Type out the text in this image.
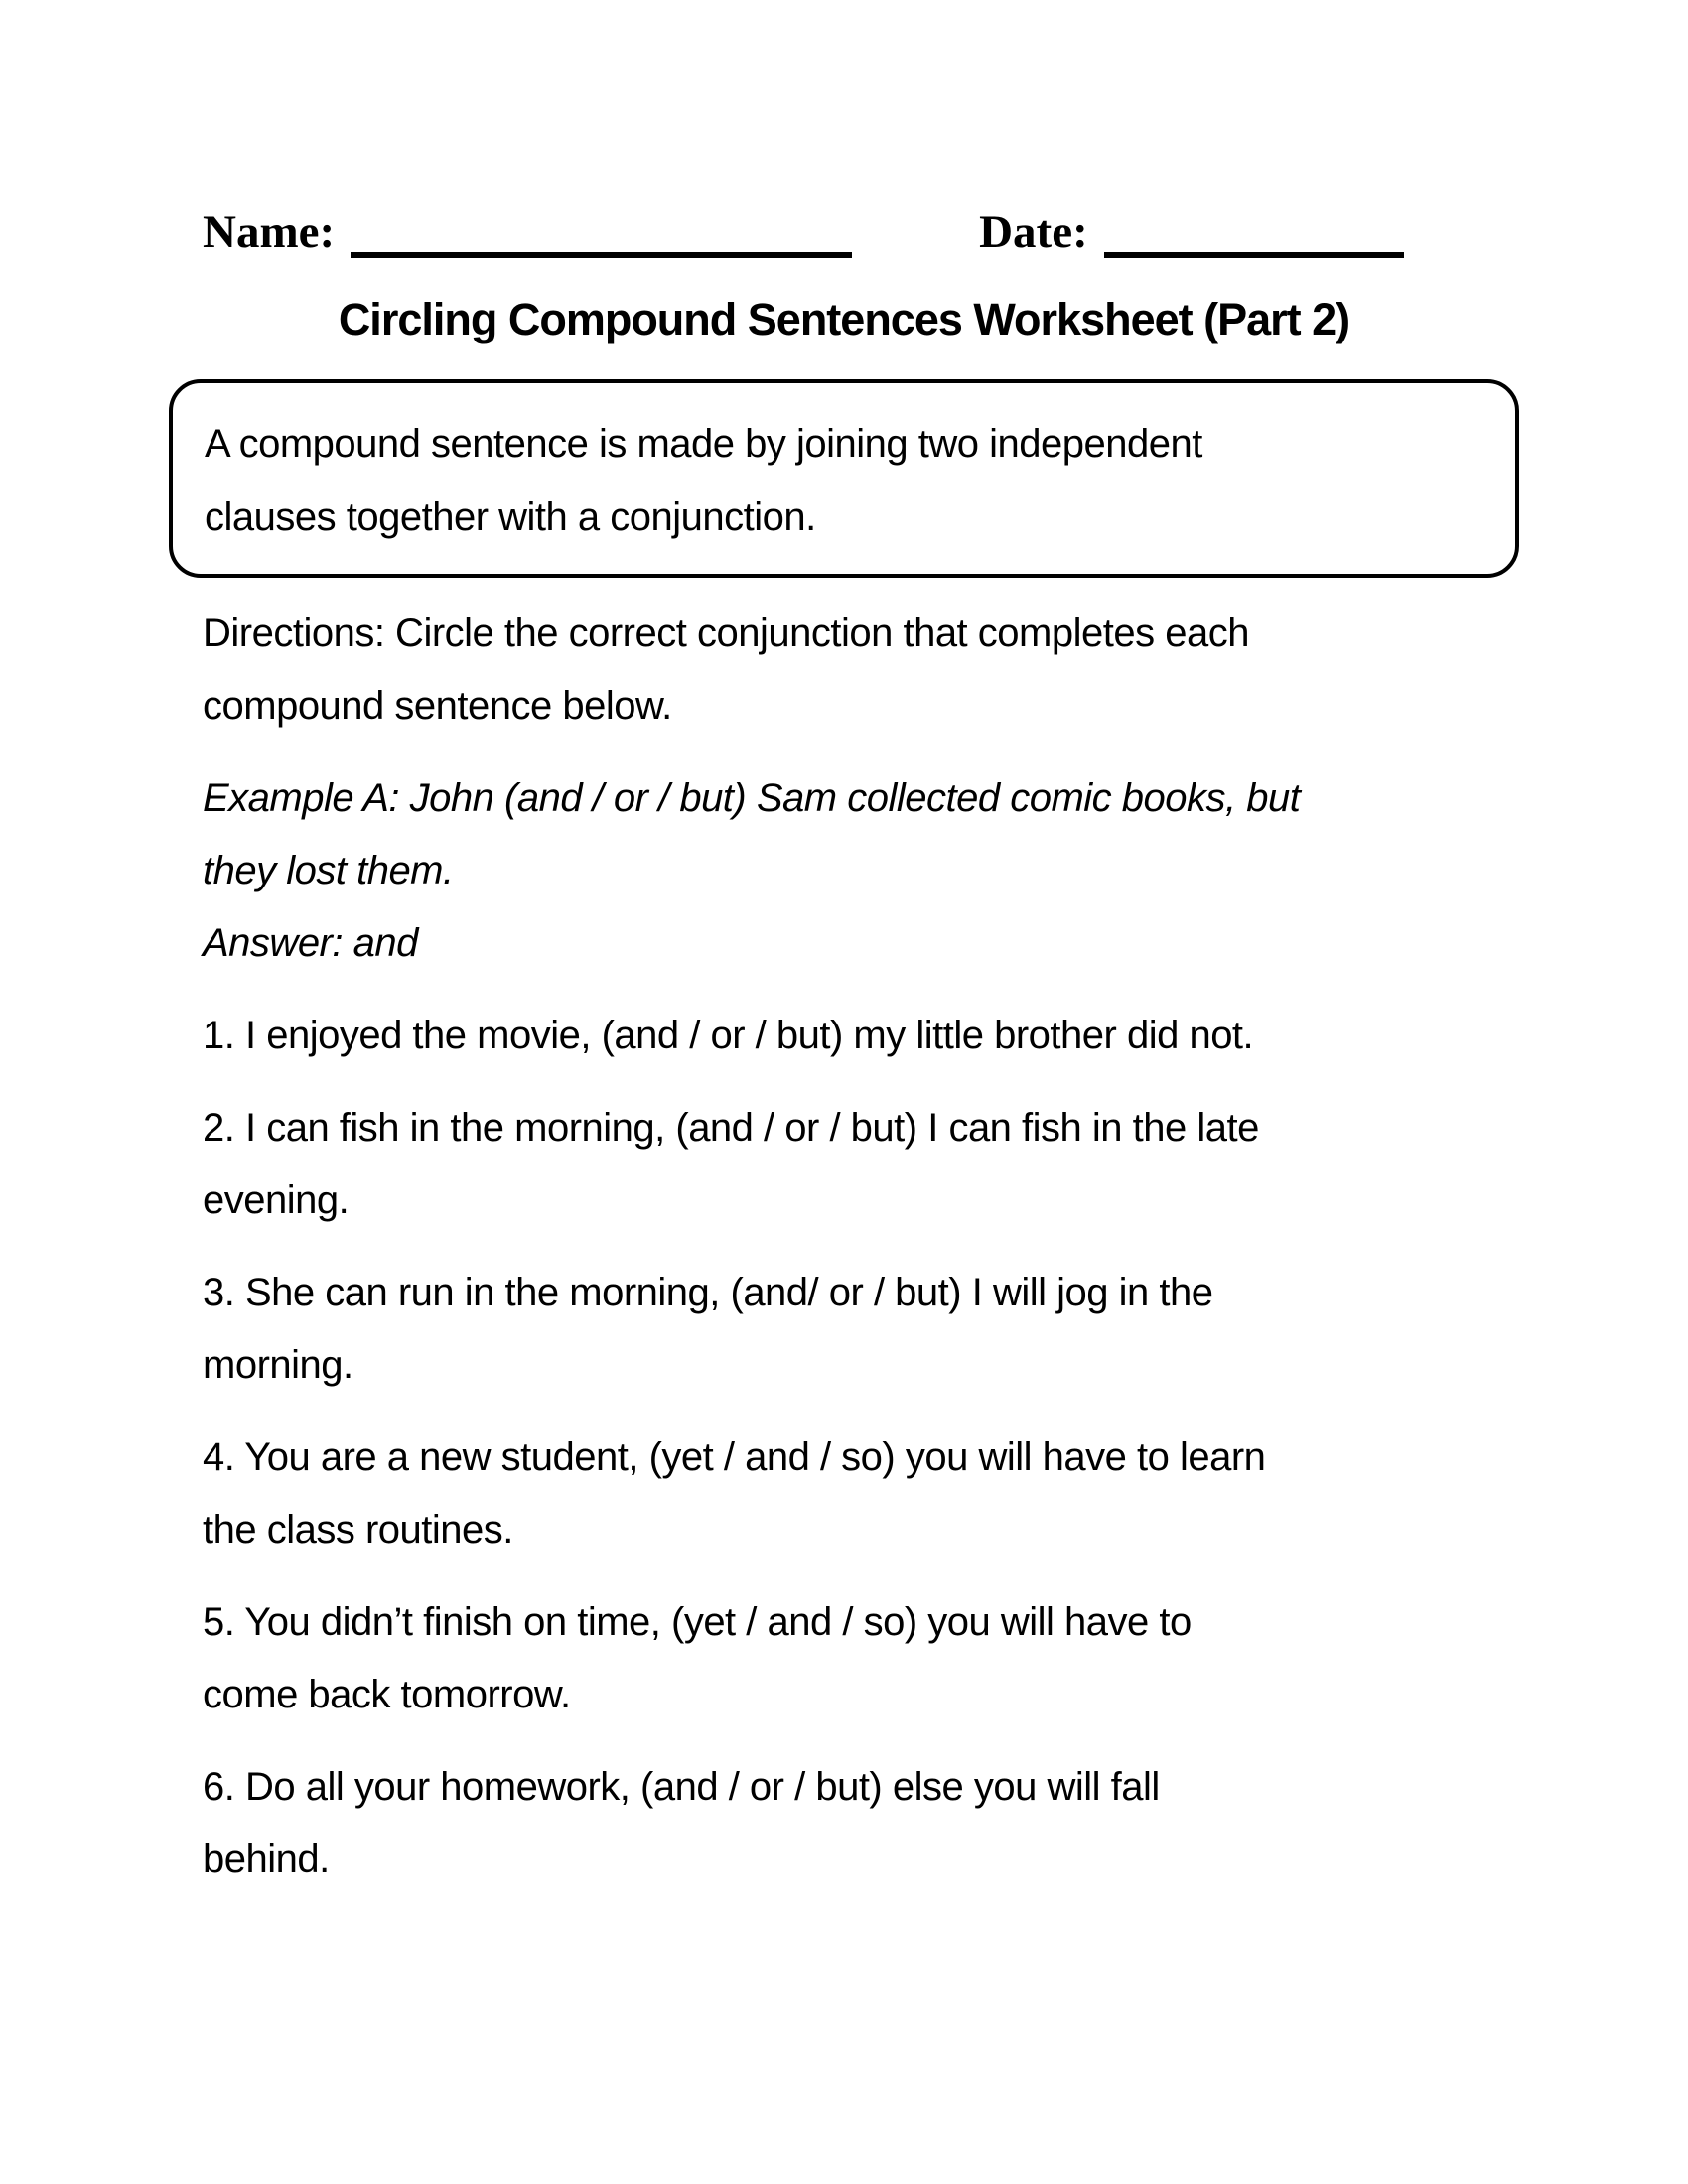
Name:	Date:
Circling Compound Sentences Worksheet (Part 2)
A compound sentence is made by joining two independent
clauses together with a conjunction.
Directions: Circle the correct conjunction that completes each
compound sentence below.
Example A: John (and / or / but) Sam collected comic books, but
they lost them.
Answer: and
1. I enjoyed the movie, (and / or / but) my little brother did not.
2. I can fish in the morning, (and / or / but) I can fish in the late
evening.
3. She can run in the morning, (and/ or / but) I will jog in the
morning.
4. You are a new student, (yet / and / so) you will have to learn
the class routines.
5. You didn’t finish on time, (yet / and / so) you will have to
come back tomorrow.
6. Do all your homework, (and / or / but) else you will fall
behind.
